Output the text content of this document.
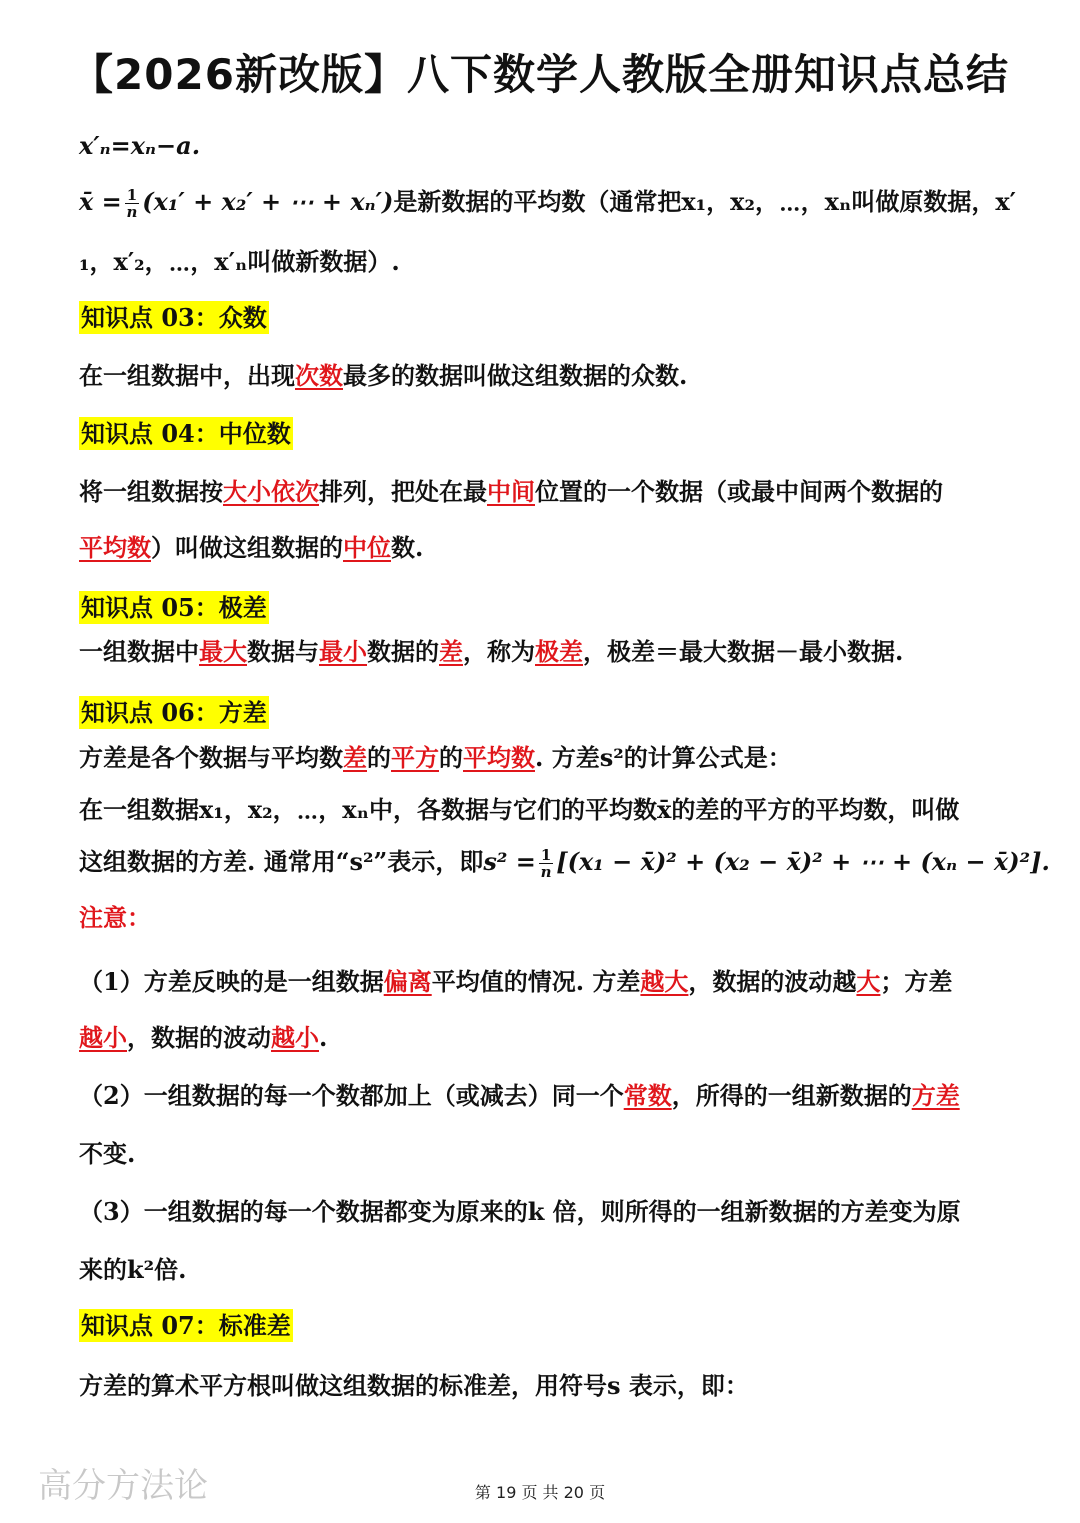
【2026新改版】八下数学人教版全册知识点总结
x′ₙ=xₙ−a.
x̄ = $\frac{1}{n} (x_1' + x_2'$ + ⋯ + xₙ′)是新数据的平均数（通常把x₁，x₂，⋯，xₙ叫做原数据，x′
₁，x′₂，⋯，x′ₙ叫做新数据）.
知识点 03：众数
在一组数据中，出现次数最多的数据叫做这组数据的众数.
知识点 04：中位数
将一组数据按大小依次排列，把处在最中间位置的一个数据（或最中间两个数据的
平均数）叫做这组数据的中位数.
知识点 05：极差
一组数据中最大数据与最小数据的差，称为极差，极差＝最大数据－最小数据.
知识点 06：方差
方差是各个数据与平均数差的平方的平均数. 方差s²的计算公式是：
在一组数据x₁，x₂，⋯，xₙ中，各数据与它们的平均数x̄的差的平方的平均数，叫做
这组数据的方差. 通常用“s²”表示，即$s^2 = \frac{1}{n} [(x_1$ − x̄)² + (x₂ − x̄)² + ⋯ + (xₙ − x̄)²].
注意：
（1）方差反映的是一组数据偏离平均值的情况. 方差越大，数据的波动越大；方差
越小，数据的波动越小.
（2）一组数据的每一个数都加上（或减去）同一个常数，所得的一组新数据的方差
不变.
（3）一组数据的每一个数据都变为原来的k 倍，则所得的一组新数据的方差变为原
来的k²倍.
知识点 07：标准差
方差的算术平方根叫做这组数据的标准差，用符号s 表示，即：
高分方法论	第 19 页 共 20 页
